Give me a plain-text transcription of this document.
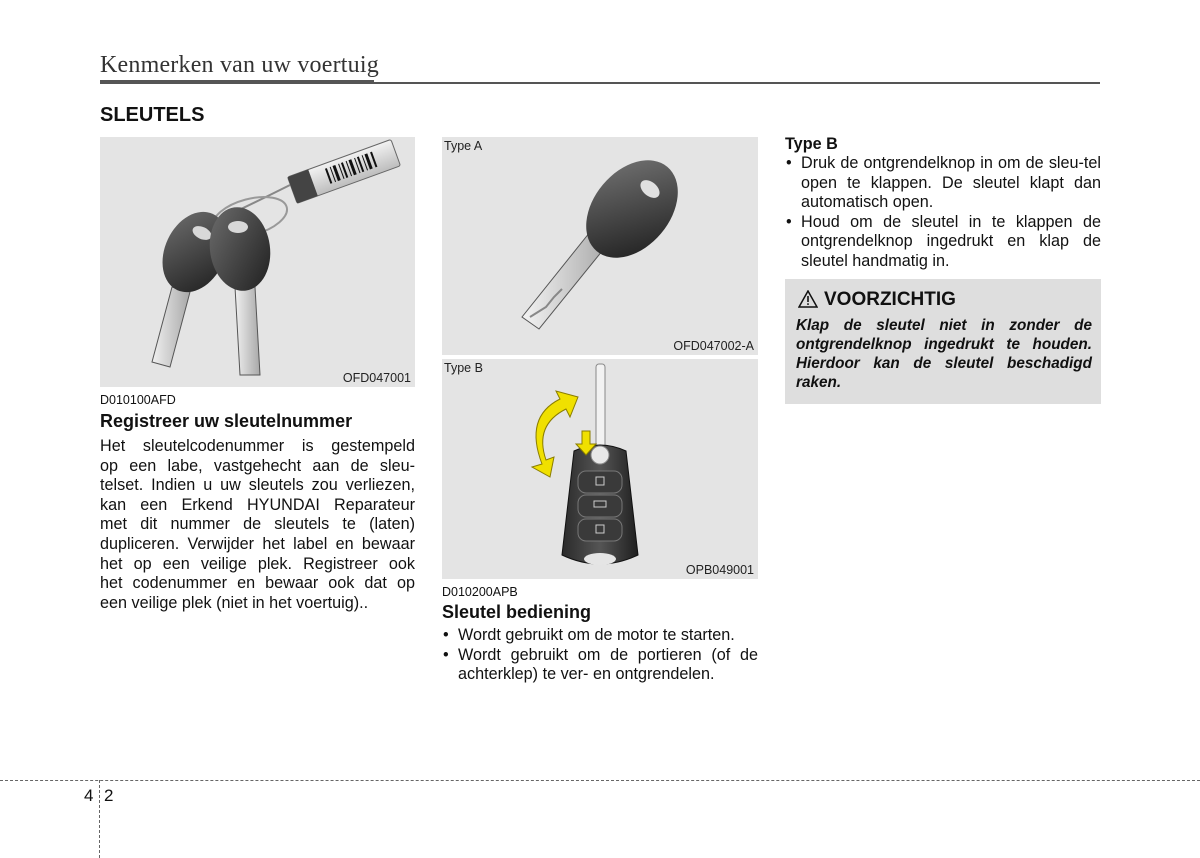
Kenmerken van uw voertuig
SLEUTELS
OFD047001
Type A
OFD047002-A
Type B
OPB049001
D010100AFD
Registreer uw sleutelnummer
Het sleutelcodenummer is gestempeld
op een labe, vastgehecht aan de sleu-
telset. Indien u uw sleutels zou verliezen,
kan een Erkend HYUNDAI Reparateur
met dit nummer de sleutels te (laten)
dupliceren. Verwijder het label en bewaar
het op een veilige plek. Registreer ook
het codenummer en bewaar ook dat op
een veilige plek (niet in het voertuig)..
D010200APB
Sleutel bediening
• Wordt gebruikt om de motor te starten.
• Wordt gebruikt om de portieren (of de achterklep) te ver- en ontgrendelen.
Type B
• Druk de ontgrendelknop in om de sleu-tel open te klappen. De sleutel klapt dan automatisch open.
• Houd om de sleutel in te klappen de ontgrendelknop ingedrukt en klap de sleutel handmatig in.
VOORZICHTIG
Klap de sleutel niet in zonder de ontgrendelknop ingedrukt te houden. Hierdoor kan de sleutel beschadigd raken.
4 2
